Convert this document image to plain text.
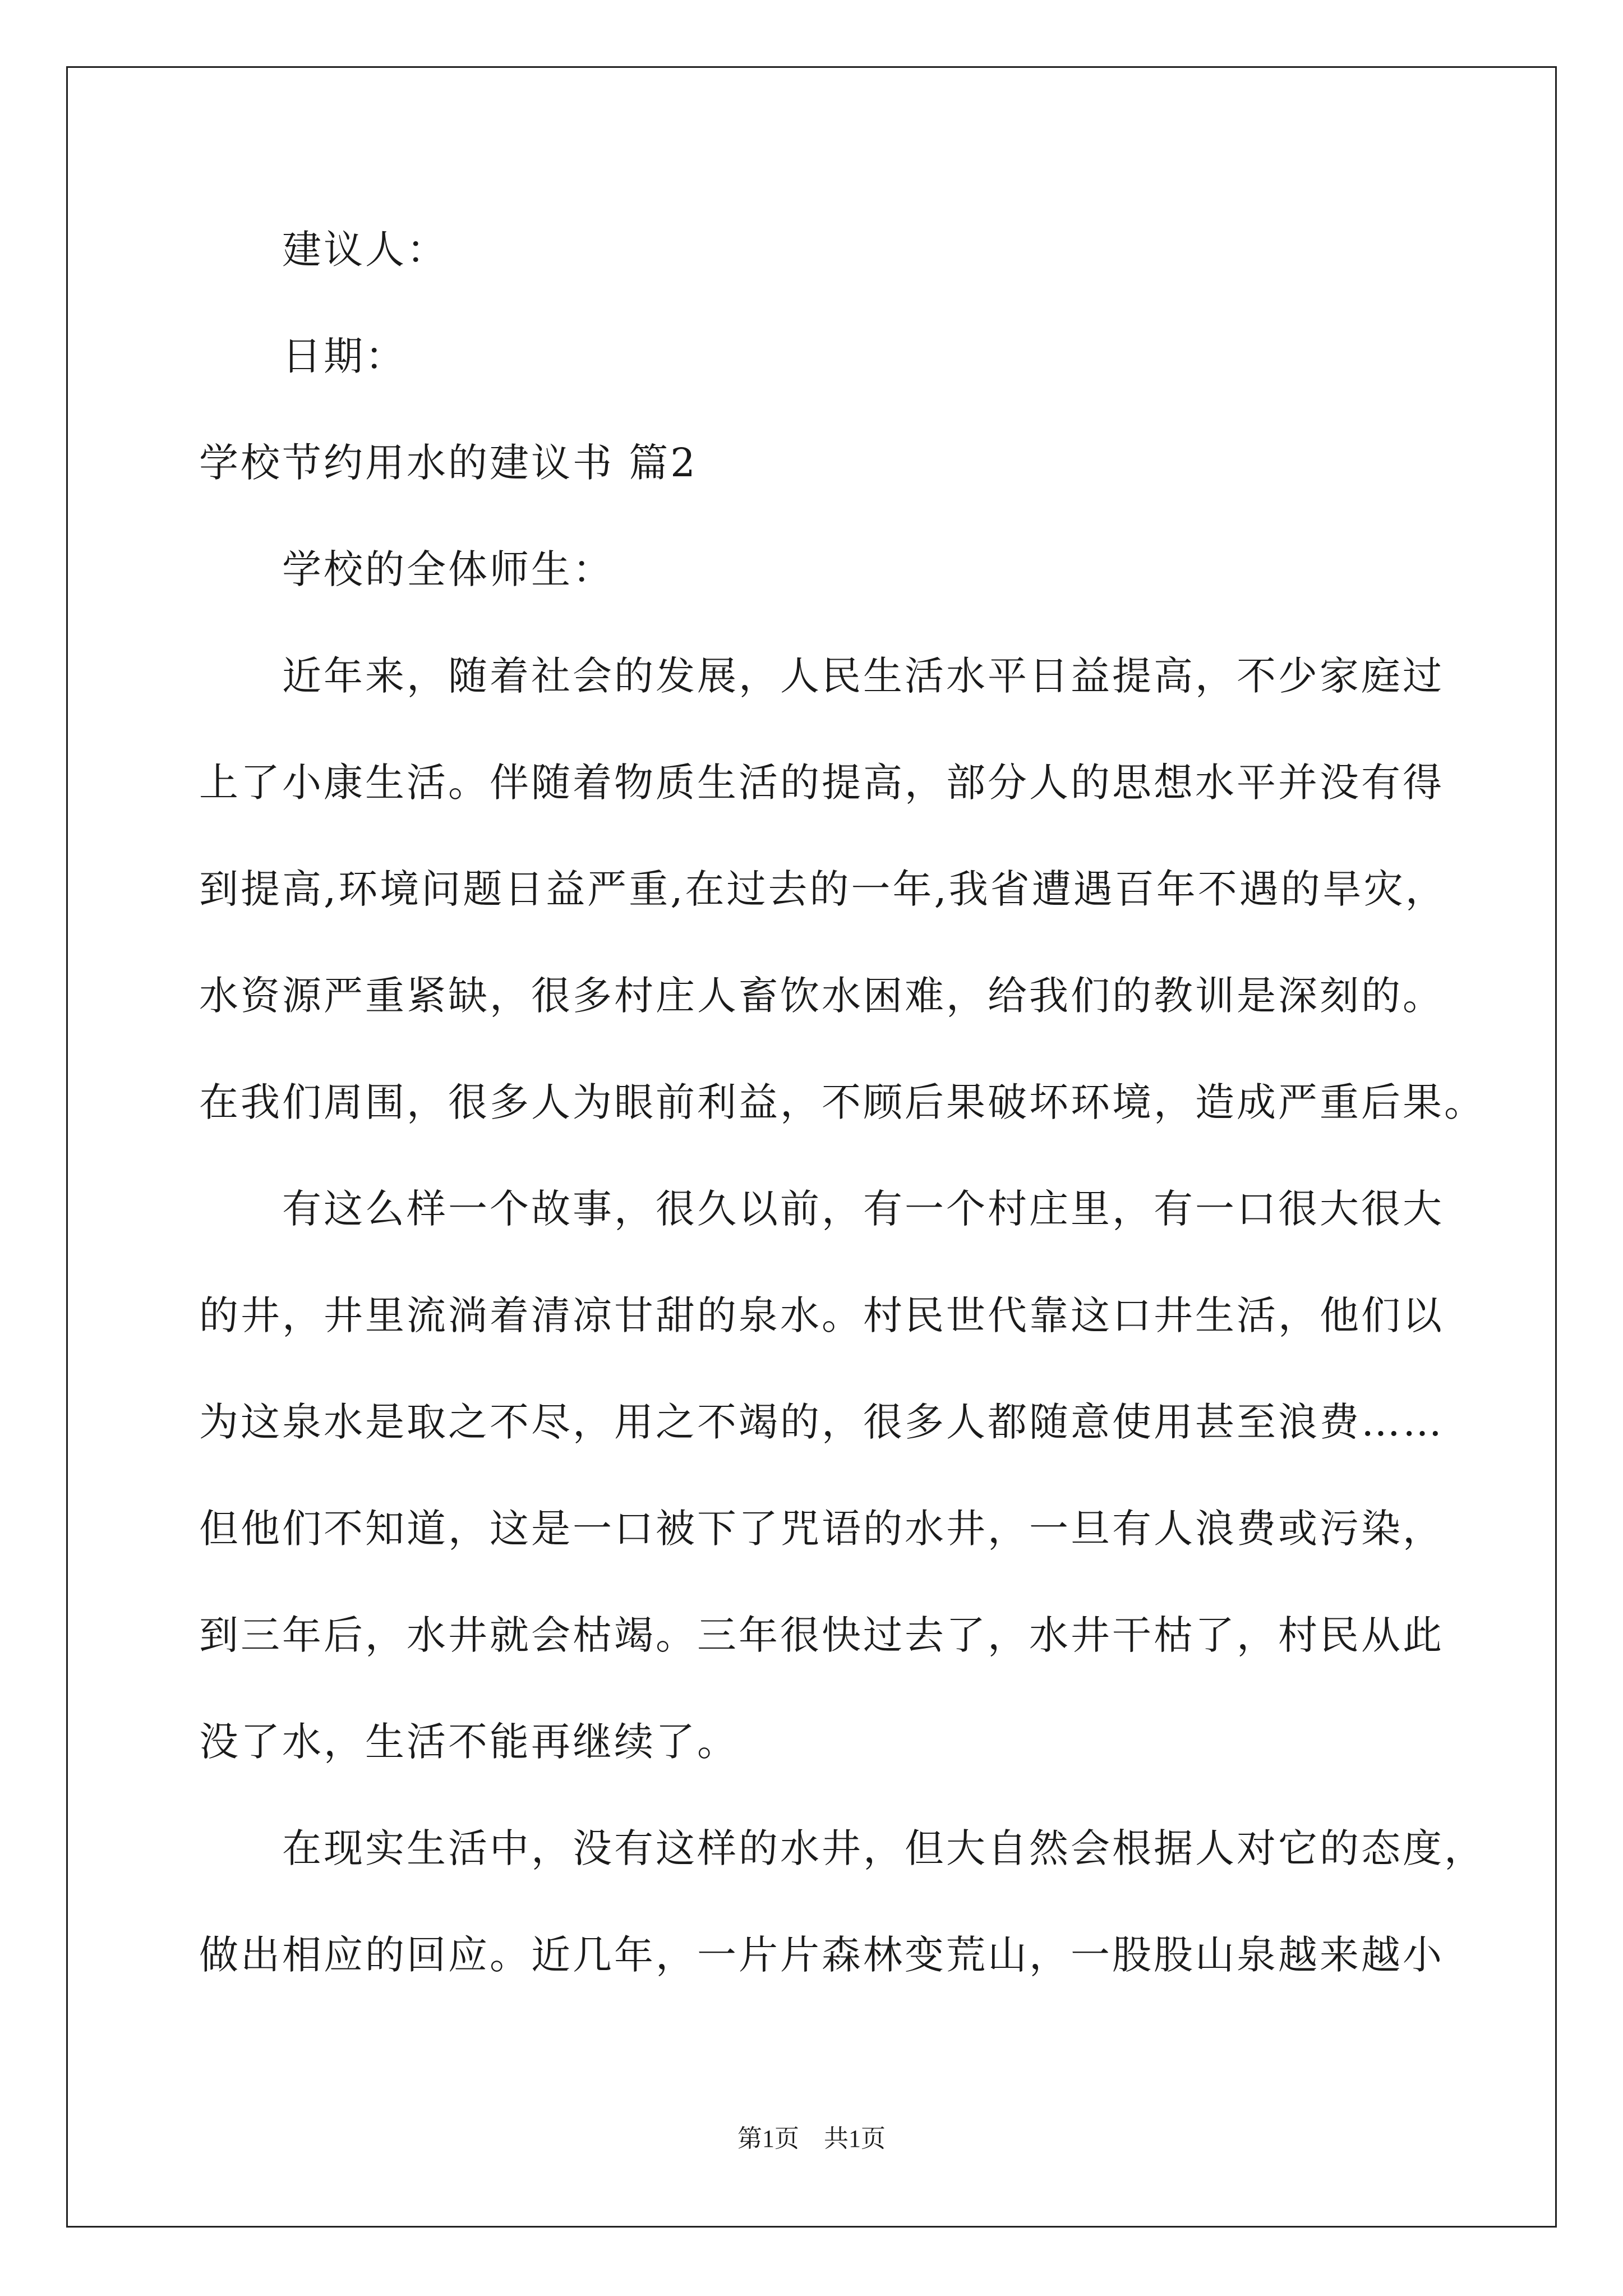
建议人：
日期：
学校节约用水的建议书 篇2
学校的全体师生：
近年来，随着社会的发展，人民生活水平日益提高，不少家庭过
上了小康生活。伴随着物质生活的提高，部分人的思想水平并没有得
到提高,环境问题日益严重,在过去的一年,我省遭遇百年不遇的旱灾，
水资源严重紧缺，很多村庄人畜饮水困难，给我们的教训是深刻的。
在我们周围，很多人为眼前利益，不顾后果破坏环境，造成严重后果。
有这么样一个故事，很久以前，有一个村庄里，有一口很大很大
的井，井里流淌着清凉甘甜的泉水。村民世代靠这口井生活，他们以
为这泉水是取之不尽，用之不竭的，很多人都随意使用甚至浪费……
但他们不知道，这是一口被下了咒语的水井，一旦有人浪费或污染，
到三年后，水井就会枯竭。三年很快过去了，水井干枯了，村民从此
没了水，生活不能再继续了。
在现实生活中，没有这样的水井，但大自然会根据人对它的态度，
做出相应的回应。近几年，一片片森林变荒山，一股股山泉越来越小
第1页　共1页
